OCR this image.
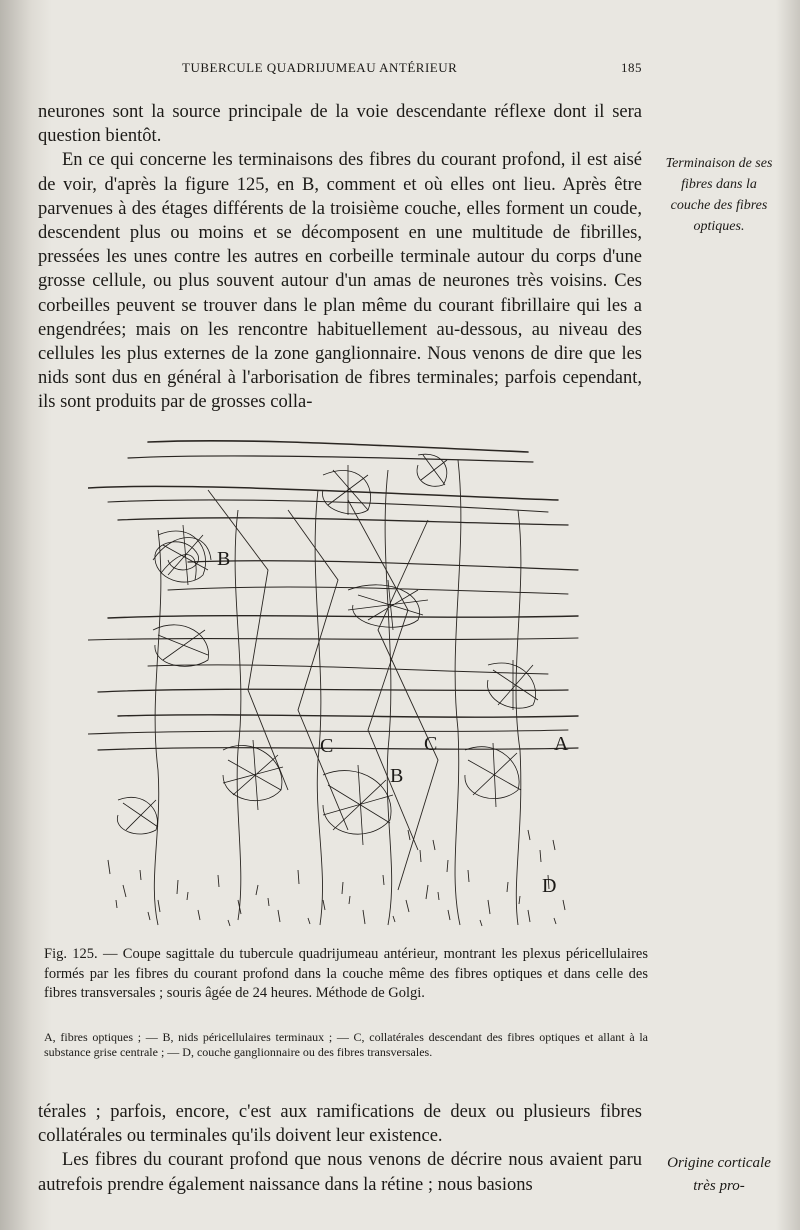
TUBERCULE QUADRIJUMEAU ANTÉRIEUR	185

neurones sont la source principale de la voie descendante réflexe dont il sera question bientôt.

En ce qui concerne les terminaisons des fibres du courant profond, il est aisé de voir, d'après la figure 125, en B, comment et où elles ont lieu. Après être parvenues à des étages différents de la troisième couche, elles forment un coude, descendent plus ou moins et se décomposent en une multitude de fibrilles, pressées les unes contre les autres en corbeille terminale autour du corps d'une grosse cellule, ou plus souvent autour d'un amas de neurones très voisins. Ces corbeilles peuvent se trouver dans le plan même du courant fibrillaire qui les a engendrées; mais on les rencontre habituellement au-dessous, au niveau des cellules les plus externes de la zone ganglionnaire. Nous venons de dire que les nids sont dus en général à l'arborisation de fibres terminales; parfois cependant, ils sont produits par de grosses colla-

Terminaison de ses fibres dans la couche des fibres optiques.
B
C	C	A
B
D
Fig. 125. — Coupe sagittale du tubercule quadrijumeau antérieur, montrant les plexus péricellulaires formés par les fibres du courant profond dans la couche même des fibres optiques et dans celle des fibres transversales ; souris âgée de 24 heures. Méthode de Golgi.
A, fibres optiques ; — B, nids péricellulaires terminaux ; — C, collatérales descendant des fibres optiques et allant à la substance grise centrale ; — D, couche ganglionnaire ou des fibres transversales.

térales ; parfois, encore, c'est aux ramifications de deux ou plusieurs fibres collatérales ou terminales qu'ils doivent leur existence.

Les fibres du courant profond que nous venons de décrire nous avaient paru autrefois prendre également naissance dans la rétine ; nous basions

Origine corticale très pro-
